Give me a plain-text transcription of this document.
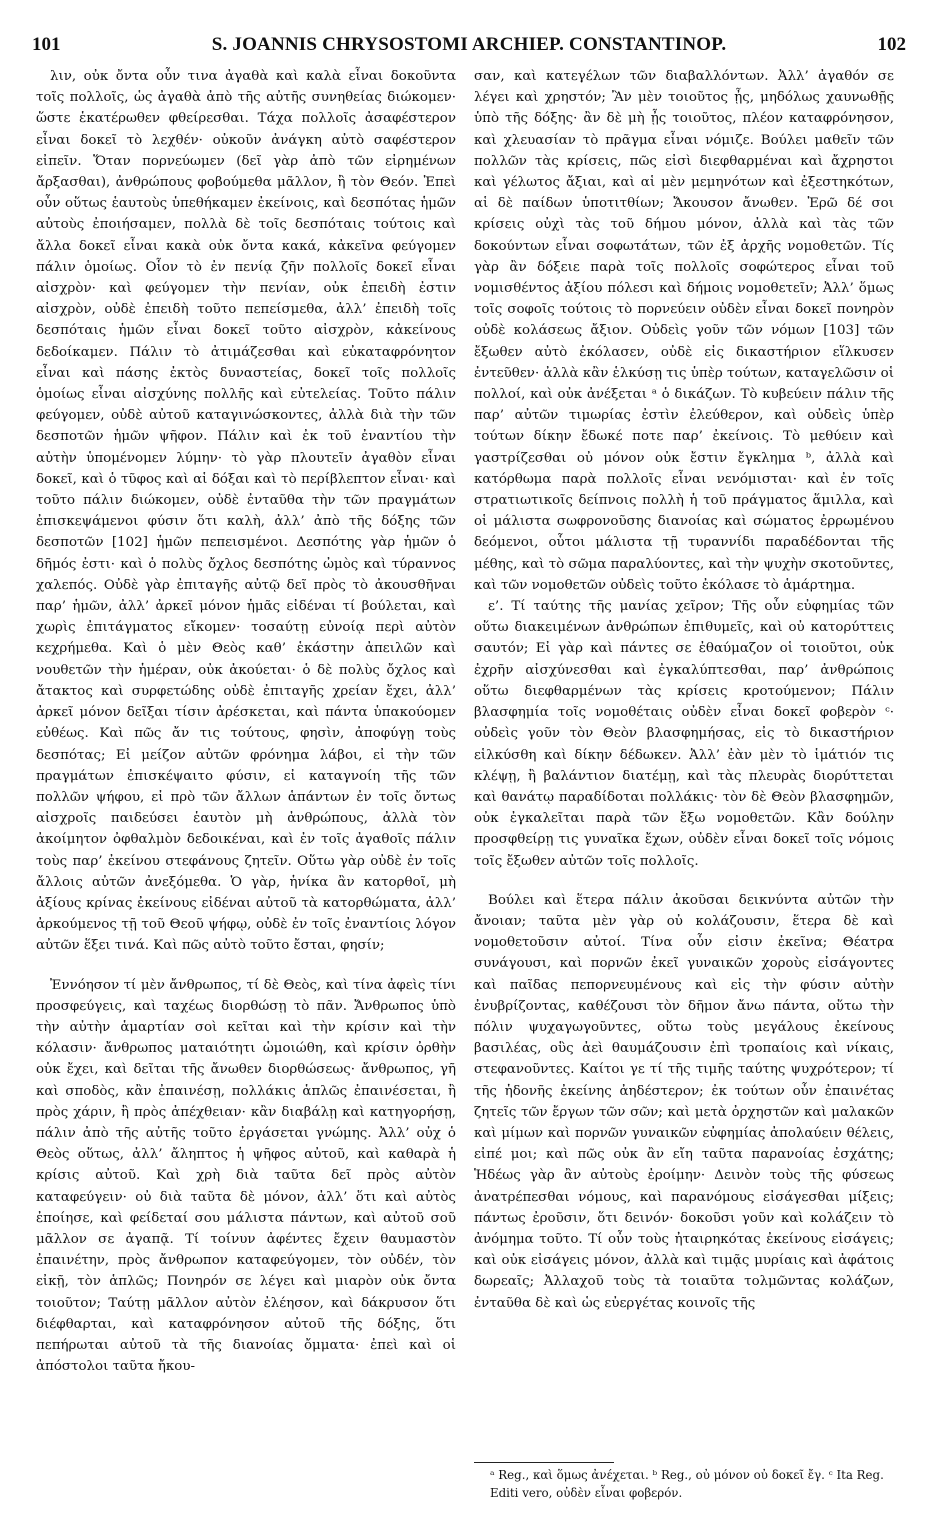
101	S. JOANNIS CHRYSOSTOMI ARCHIEP. CONSTANTINOP.	102

λιν, οὐκ ὄντα οὖν τινα ἀγαθὰ καὶ καλὰ εἶναι δοκοῦντα τοῖς πολλοῖς, ὡς ἀγαθὰ ἀπὸ τῆς αὐτῆς συνηθείας διώκομεν· ὥστε ἑκατέρωθεν φθείρεσθαι. Τάχα πολλοῖς ἀσαφέστερον εἶναι δοκεῖ τὸ λεχθέν· οὐκοῦν ἀνάγκη αὐτὸ σαφέστερον εἰπεῖν. Ὅταν πορνεύωμεν (δεῖ γὰρ ἀπὸ τῶν εἰρημένων ἄρξασθαι), ἀνθρώπους φοβούμεθα μᾶλλον, ἢ τὸν Θεόν. Ἐπεὶ οὖν οὕτως ἑαυτοὺς ὑπεθήκαμεν ἐκείνοις, καὶ δεσπότας ἡμῶν αὐτοὺς ἐποιήσαμεν, πολλὰ δὲ τοῖς δεσπόταις τούτοις καὶ ἄλλα δοκεῖ εἶναι κακὰ οὐκ ὄντα κακά, κἀκεῖνα φεύγομεν πάλιν ὁμοίως. Οἷον τὸ ἐν πενίᾳ ζῆν πολλοῖς δοκεῖ εἶναι αἰσχρὸν· καὶ φεύγομεν τὴν πενίαν, οὐκ ἐπειδὴ ἐστιν αἰσχρὸν, οὐδὲ ἐπειδὴ τοῦτο πεπείσμεθα, ἀλλ’ ἐπειδὴ τοῖς δεσπόταις ἡμῶν εἶναι δοκεῖ τοῦτο αἰσχρὸν, κἀκείνους δεδοίκαμεν. Πάλιν τὸ ἀτιμάζεσθαι καὶ εὐκαταφρόνητον εἶναι καὶ πάσης ἐκτὸς δυναστείας, δοκεῖ τοῖς πολλοῖς ὁμοίως εἶναι αἰσχύνης πολλῆς καὶ εὐτελείας. Τοῦτο πάλιν φεύγομεν, οὐδὲ αὐτοῦ καταγινώσκοντες, ἀλλὰ διὰ τὴν τῶν δεσποτῶν ἡμῶν ψῆφον. Πάλιν καὶ ἐκ τοῦ ἐναντίου τὴν αὐτὴν ὑπομένομεν λύμην· τὸ γὰρ πλουτεῖν ἀγαθὸν εἶναι δοκεῖ, καὶ ὁ τῦφος καὶ αἱ δόξαι καὶ τὸ περίβλεπτον εἶναι· καὶ τοῦτο πάλιν διώκομεν, οὐδὲ ἐνταῦθα τὴν τῶν πραγμάτων ἐπισκεψάμενοι φύσιν ὅτι καλὴ, ἀλλ’ ἀπὸ τῆς δόξης τῶν δεσποτῶν [102] ἡμῶν πεπεισμένοι. Δεσπότης γὰρ ἡμῶν ὁ δῆμός ἐστι· καὶ ὁ πολὺς ὄχλος δεσπότης ὠμὸς καὶ τύραννος χαλεπός. Οὐδὲ γὰρ ἐπιταγῆς αὐτῷ δεῖ πρὸς τὸ ἀκουσθῆναι παρ’ ἡμῶν, ἀλλ’ ἀρκεῖ μόνον ἡμᾶς εἰδέναι τί βούλεται, καὶ χωρὶς ἐπιτάγματος εἴκομεν· τοσαύτῃ εὐνοίᾳ περὶ αὐτὸν κεχρήμεθα. Καὶ ὁ μὲν Θεὸς καθ’ ἑκάστην ἀπειλῶν καὶ νουθετῶν τὴν ἡμέραν, οὐκ ἀκούεται· ὁ δὲ πολὺς ὄχλος καὶ ἄτακτος καὶ συρφετώδης οὐδὲ ἐπιταγῆς χρείαν ἔχει, ἀλλ’ ἀρκεῖ μόνον δεῖξαι τίσιν ἀρέσκεται, καὶ πάντα ὑπακούομεν εὐθέως. Καὶ πῶς ἄν τις τούτους, φησὶν, ἀποφύγῃ τοὺς δεσπότας; Εἰ μείζον αὐτῶν φρόνημα λάβοι, εἰ τὴν τῶν πραγμάτων ἐπισκέψαιτο φύσιν, εἰ καταγνοίη τῆς τῶν πολλῶν ψήφου, εἰ πρὸ τῶν ἄλλων ἁπάντων ἐν τοῖς ὄντως αἰσχροῖς παιδεύσει ἑαυτὸν μὴ ἀνθρώπους, ἀλλὰ τὸν ἀκοίμητον ὀφθαλμὸν δεδοικέναι, καὶ ἐν τοῖς ἀγαθοῖς πάλιν τοὺς παρ’ ἐκείνου στεφάνους ζητεῖν. Οὕτω γὰρ οὐδὲ ἐν τοῖς ἄλλοις αὐτῶν ἀνεξόμεθα. Ὁ γὰρ, ἡνίκα ἂν κατορθοῖ, μὴ ἀξίους κρίνας ἐκείνους εἰδέναι αὐτοῦ τὰ κατορθώματα, ἀλλ’ ἀρκούμενος τῇ τοῦ Θεοῦ ψήφῳ, οὐδὲ ἐν τοῖς ἐναντίοις λόγον αὐτῶν ἕξει τινά. Καὶ πῶς αὐτὸ τοῦτο ἔσται, φησίν;

Ἐννόησον τί μὲν ἄνθρωπος, τί δὲ Θεὸς, καὶ τίνα ἀφεὶς τίνι προσφεύγεις, καὶ ταχέως διορθώσῃ τὸ πᾶν. Ἄνθρωπος ὑπὸ τὴν αὐτὴν ἁμαρτίαν σοὶ κεῖται καὶ τὴν κρίσιν καὶ τὴν κόλασιν· ἄνθρωπος ματαιότητι ὡμοιώθη, καὶ κρίσιν ὀρθὴν οὐκ ἔχει, καὶ δεῖται τῆς ἄνωθεν διορθώσεως· ἄνθρωπος, γῆ καὶ σποδὸς, κἂν ἐπαινέσῃ, πολλάκις ἁπλῶς ἐπαινέσεται, ἢ πρὸς χάριν, ἢ πρὸς ἀπέχθειαν· κἂν διαβάλῃ καὶ κατηγορήσῃ, πάλιν ἀπὸ τῆς αὐτῆς τοῦτο ἐργάσεται γνώμης. Ἀλλ’ οὐχ ὁ Θεὸς οὕτως, ἀλλ’ ἄληπτος ἡ ψῆφος αὐτοῦ, καὶ καθαρὰ ἡ κρίσις αὐτοῦ. Καὶ χρὴ διὰ ταῦτα δεῖ πρὸς αὐτὸν καταφεύγειν· οὐ διὰ ταῦτα δὲ μόνον, ἀλλ’ ὅτι καὶ αὐτὸς ἐποίησε, καὶ φείδεταί σου μάλιστα πάντων, καὶ αὐτοῦ σοῦ μᾶλλον σε ἀγαπᾷ. Τί τοίνυν ἀφέντες ἔχειν θαυμαστὸν ἐπαινέτην, πρὸς ἄνθρωπον καταφεύγομεν, τὸν οὐδέν, τὸν εἰκῇ, τὸν ἁπλῶς; Πονηρόν σε λέγει καὶ μιαρὸν οὐκ ὄντα τοιοῦτον; Ταύτῃ μᾶλλον αὐτὸν ἐλέησον, καὶ δάκρυσον ὅτι διέφθαρται, καὶ καταφρόνησον αὐτοῦ τῆς δόξης, ὅτι πεπήρωται αὐτοῦ τὰ τῆς διανοίας ὄμματα· ἐπεὶ καὶ οἱ ἀπόστολοι ταῦτα ἤκου-

σαν, καὶ κατεγέλων τῶν διαβαλλόντων. Ἀλλ’ ἀγαθόν σε λέγει καὶ χρηστόν; Ἂν μὲν τοιοῦτος ᾖς, μηδόλως χαυνωθῇς ὑπὸ τῆς δόξης· ἂν δὲ μὴ ᾖς τοιοῦτος, πλέον καταφρόνησον, καὶ χλευασίαν τὸ πρᾶγμα εἶναι νόμιζε. Βούλει μαθεῖν τῶν πολλῶν τὰς κρίσεις, πῶς εἰσὶ διεφθαρμέναι καὶ ἄχρηστοι καὶ γέλωτος ἄξιαι, καὶ αἱ μὲν μεμηνότων καὶ ἐξεστηκότων, αἱ δὲ παίδων ὑποτιτθίων; Ἄκουσον ἄνωθεν. Ἐρῶ δέ σοι κρίσεις οὐχὶ τὰς τοῦ δήμου μόνον, ἀλλὰ καὶ τὰς τῶν δοκούντων εἶναι σοφωτάτων, τῶν ἐξ ἀρχῆς νομοθετῶν. Τίς γὰρ ἂν δόξειε παρὰ τοῖς πολλοῖς σοφώτερος εἶναι τοῦ νομισθέντος ἀξίου πόλεσι καὶ δήμοις νομοθετεῖν; Ἀλλ’ ὅμως τοῖς σοφοῖς τούτοις τὸ πορνεύειν οὐδὲν εἶναι δοκεῖ πονηρὸν οὐδὲ κολάσεως ἄξιον. Οὐδεὶς γοῦν τῶν νόμων [103] τῶν ἔξωθεν αὐτὸ ἐκόλασεν, οὐδὲ εἰς δικαστήριον εἵλκυσεν ἐντεῦθεν· ἀλλὰ κἂν ἑλκύσῃ τις ὑπὲρ τούτων, καταγελῶσιν οἱ πολλοί, καὶ οὐκ ἀνέξεται ᵃ ὁ δικάζων. Τὸ κυβεύειν πάλιν τῆς παρ’ αὐτῶν τιμωρίας ἐστὶν ἐλεύθερον, καὶ οὐδεὶς ὑπὲρ τούτων δίκην ἔδωκέ ποτε παρ’ ἐκείνοις. Τὸ μεθύειν καὶ γαστρίζεσθαι οὐ μόνον οὐκ ἔστιν ἔγκλημα ᵇ, ἀλλὰ καὶ κατόρθωμα παρὰ πολλοῖς εἶναι νενόμισται· καὶ ἐν τοῖς στρατιωτικοῖς δείπνοις πολλὴ ἡ τοῦ πράγματος ἅμιλλα, καὶ οἱ μάλιστα σωφρονοῦσης διανοίας καὶ σώματος ἐρρωμένου δεόμενοι, οὗτοι μάλιστα τῇ τυραννίδι παραδέδονται τῆς μέθης, καὶ τὸ σῶμα παραλύοντες, καὶ τὴν ψυχὴν σκοτοῦντες, καὶ τῶν νομοθετῶν οὐδεὶς τοῦτο ἐκόλασε τὸ ἁμάρτημα.

ε’. Τί ταύτης τῆς μανίας χεῖρον; Τῆς οὖν εὐφημίας τῶν οὕτω διακειμένων ἀνθρώπων ἐπιθυμεῖς, καὶ οὐ κατορύττεις σαυτόν; Εἰ γὰρ καὶ πάντες σε ἐθαύμαζον οἱ τοιοῦτοι, οὐκ ἐχρῆν αἰσχύνεσθαι καὶ ἐγκαλύπτεσθαι, παρ’ ἀνθρώποις οὕτω διεφθαρμένων τὰς κρίσεις κροτούμενον; Πάλιν βλασφημία τοῖς νομοθέταις οὐδὲν εἶναι δοκεῖ φοβερὸν ᶜ· οὐδεὶς γοῦν τὸν Θεὸν βλασφημήσας, εἰς τὸ δικαστήριον εἱλκύσθη καὶ δίκην δέδωκεν. Ἀλλ’ ἐὰν μὲν τὸ ἱμάτιόν τις κλέψῃ, ἢ βαλάντιον διατέμῃ, καὶ τὰς πλευρὰς διορύττεται καὶ θανάτῳ παραδίδοται πολλάκις· τὸν δὲ Θεὸν βλασφημῶν, οὐκ ἐγκαλεῖται παρὰ τῶν ἔξω νομοθετῶν. Κἂν δούλην προσφθείρῃ τις γυναῖκα ἔχων, οὐδὲν εἶναι δοκεῖ τοῖς νόμοις τοῖς ἔξωθεν αὐτῶν τοῖς πολλοῖς.

Βούλει καὶ ἕτερα πάλιν ἀκοῦσαι δεικνύντα αὐτῶν τὴν ἄνοιαν; ταῦτα μὲν γὰρ οὐ κολάζουσιν, ἕτερα δὲ καὶ νομοθετοῦσιν αὐτοί. Τίνα οὖν εἰσιν ἐκεῖνα; Θέατρα συνάγουσι, καὶ πορνῶν ἐκεῖ γυναικῶν χοροὺς εἰσάγοντες καὶ παῖδας πεπορνευμένους καὶ εἰς τὴν φύσιν αὐτὴν ἐνυβρίζοντας, καθέζουσι τὸν δῆμον ἄνω πάντα, οὕτω τὴν πόλιν ψυχαγωγοῦντες, οὕτω τοὺς μεγάλους ἐκείνους βασιλέας, οὓς ἀεὶ θαυμάζουσιν ἐπὶ τροπαίοις καὶ νίκαις, στεφανοῦντες. Καίτοι γε τί τῆς τιμῆς ταύτης ψυχρότερον; τί τῆς ἡδονῆς ἐκείνης ἀηδέστερον; ἐκ τούτων οὖν ἐπαινέτας ζητεῖς τῶν ἔργων τῶν σῶν; καὶ μετὰ ὀρχηστῶν καὶ μαλακῶν καὶ μίμων καὶ πορνῶν γυναικῶν εὐφημίας ἀπολαύειν θέλεις, εἰπέ μοι; καὶ πῶς οὐκ ἂν εἴη ταῦτα παρανοίας ἐσχάτης; Ἡδέως γὰρ ἂν αὐτοὺς ἐροίμην· Δεινὸν τοὺς τῆς φύσεως ἀνατρέπεσθαι νόμους, καὶ παρανόμους εἰσάγεσθαι μίξεις; πάντως ἐροῦσιν, ὅτι δεινόν· δοκοῦσι γοῦν καὶ κολάζειν τὸ ἀνόμημα τοῦτο. Τί οὖν τοὺς ἠταιρηκότας ἐκείνους εἰσάγεις; καὶ οὐκ εἰσάγεις μόνον, ἀλλὰ καὶ τιμᾷς μυρίαις καὶ ἀφάτοις δωρεαῖς; Ἀλλαχοῦ τοὺς τὰ τοιαῦτα τολμῶντας κολάζων, ἐνταῦθα δὲ καὶ ὡς εὐεργέτας κοινοῖς τῆς

ᵃ Reg., καὶ ὅμως ἀνέχεται. ᵇ Reg., οὐ μόνον οὐ δοκεῖ ἔγ. ᶜ Ita Reg. Editi vero, οὐδὲν εἶναι φοβερόν.
